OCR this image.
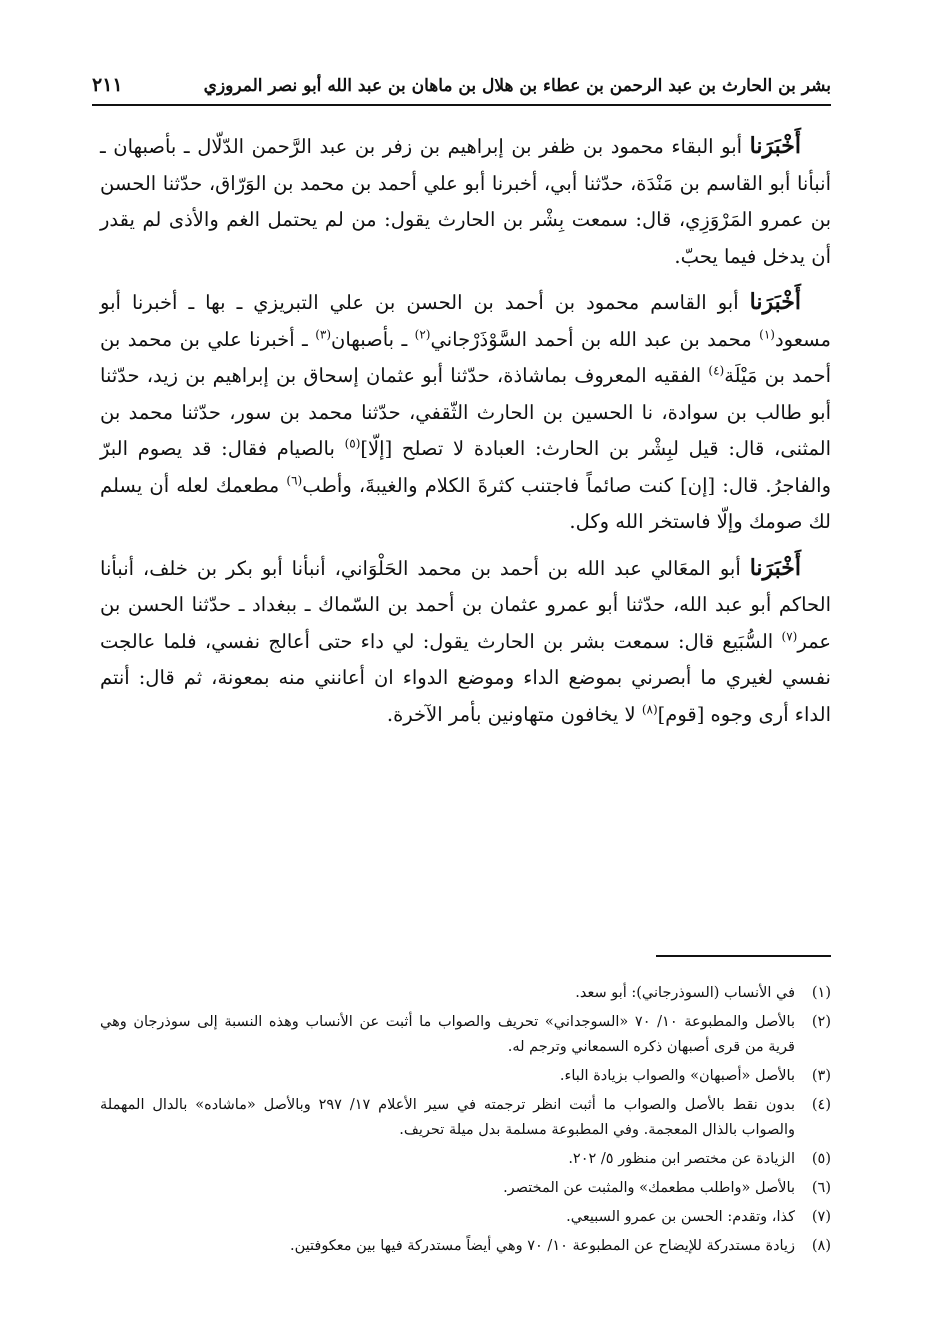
بشر بن الحارث بن عبد الرحمن بن عطاء بن هلال بن ماهان بن عبد الله أبو نصر المروزي
٢١١

أَخْبَرَنا أبو البقاء محمود بن ظفر بن إبراهيم بن زفر بن عبد الرَّحمن الدّلّال ـ بأصبهان ـ أنبأنا أبو القاسم بن مَنْدَة، حدّثنا أبي، أخبرنا أبو علي أحمد بن محمد بن الوَرّاق، حدّثنا الحسن بن عمرو المَرْوَزِي، قال: سمعت بِشْر بن الحارث يقول: من لم يحتمل الغم والأذى لم يقدر أن يدخل فيما يحبّ.

أَخْبَرَنا أبو القاسم محمود بن أحمد بن الحسن بن علي التبريزي ـ بها ـ أخبرنا أبو مسعود$^{(١)}$ محمد بن عبد الله بن أحمد السَّوْذَرْجاني$^{(٢)}$ ـ بأصبهان$^{(٣)}$ ـ أخبرنا علي بن محمد بن أحمد بن مَيْلَة$^{(٤)}$ الفقيه المعروف بماشاذة، حدّثنا أبو عثمان إسحاق بن إبراهيم بن زيد، حدّثنا أبو طالب بن سوادة، نا الحسين بن الحارث الثّقفي، حدّثنا محمد بن سور، حدّثنا محمد بن المثنى، قال: قيل لبِشْر بن الحارث: العبادة لا تصلح [إلّا]$^{(٥)}$ بالصيام فقال: قد يصوم البرّ والفاجرُ. قال: [إن] كنت صائماً فاجتنب كثرةَ الكلام والغيبةَ، وأطب$^{(٦)}$ مطعمك لعله أن يسلم لك صومك وإلّا فاستخر الله وكل.

أَخْبَرَنا أبو المعَالي عبد الله بن أحمد بن محمد الحَلْوَاني، أنبأنا أبو بكر بن خلف، أنبأنا الحاكم أبو عبد الله، حدّثنا أبو عمرو عثمان بن أحمد بن السّماك ـ ببغداد ـ حدّثنا الحسن بن عمر$^{(٧)}$ السُّبَيع قال: سمعت بشر بن الحارث يقول: لي داء حتى أعالج نفسي، فلما عالجت نفسي لغيري ما أبصرني بموضع الداء وموضع الدواء ان أعانني منه بمعونة، ثم قال: أنتم الداء أرى وجوه [قوم]$^{(٨)}$ لا يخافون متهاونين بأمر الآخرة.

(١)
في الأنساب (السوذرجاني): أبو سعد.
(٢)
بالأصل والمطبوعة ١٠/ ٧٠ «السوجداني» تحريف والصواب ما أثبت عن الأنساب وهذه النسبة إلى سوذرجان وهي قرية من قرى أصبهان ذكره السمعاني وترجم له.
(٣)
بالأصل «أصبهان» والصواب بزيادة الباء.
(٤)
بدون نقط بالأصل والصواب ما أثبت انظر ترجمته في سير الأعلام ١٧/ ٢٩٧ وبالأصل «ماشاده» بالدال المهملة والصواب بالذال المعجمة. وفي المطبوعة مسلمة بدل ميلة تحريف.
(٥)
الزيادة عن مختصر ابن منظور ٥/ ٢٠٢.
(٦)
بالأصل «واطلب مطعمك» والمثبت عن المختصر.
(٧)
كذا، وتقدم: الحسن بن عمرو السبيعي.
(٨)
زيادة مستدركة للإيضاح عن المطبوعة ١٠/ ٧٠ وهي أيضاً مستدركة فيها بين معكوفتين.
